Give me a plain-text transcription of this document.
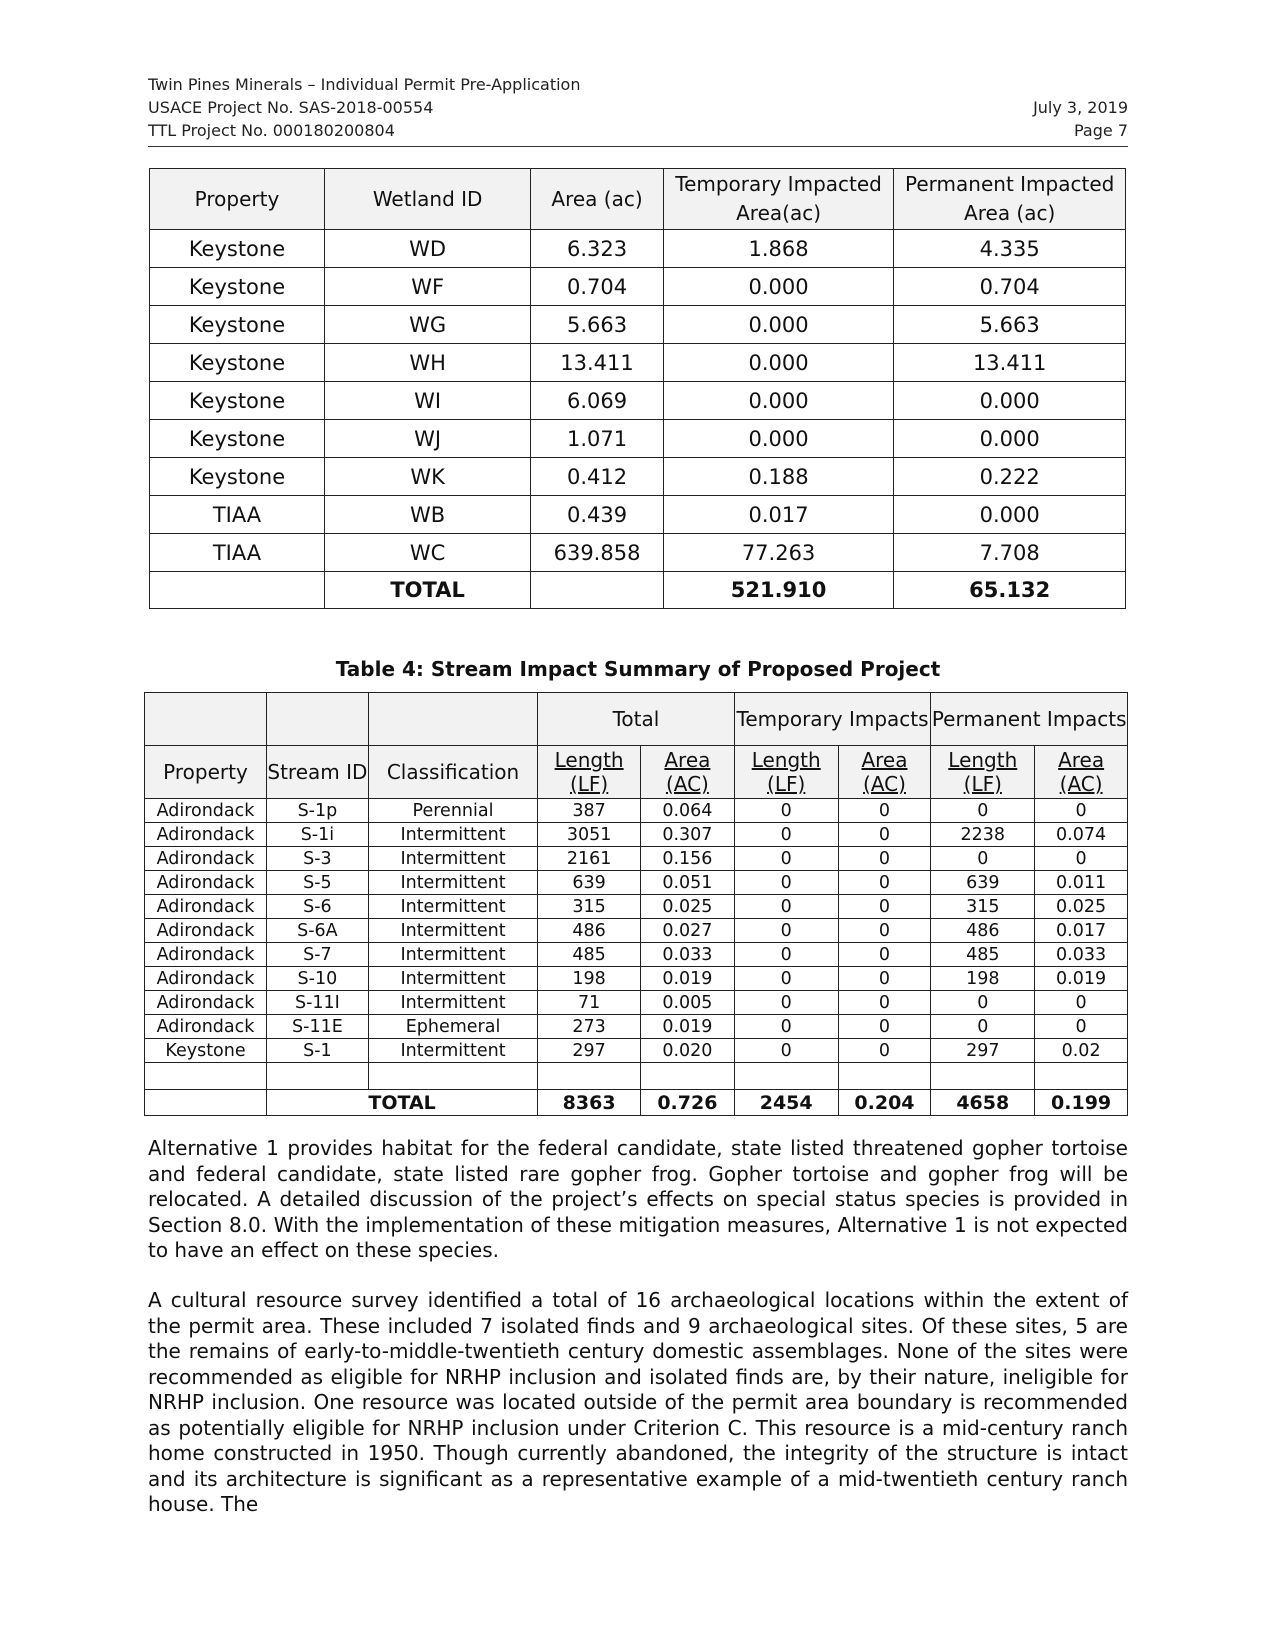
Twin Pines Minerals – Individual Permit Pre-Application
USACE Project No. SAS-2018-00554	July 3, 2019
TTL Project No. 000180200804	Page 7
Property	Wetland ID	Area (ac)	Temporary Impacted Area(ac)	Permanent Impacted Area (ac)
Keystone	WD	6.323	1.868	4.335
Keystone	WF	0.704	0.000	0.704
Keystone	WG	5.663	0.000	5.663
Keystone	WH	13.411	0.000	13.411
Keystone	WI	6.069	0.000	0.000
Keystone	WJ	1.071	0.000	0.000
Keystone	WK	0.412	0.188	0.222
TIAA	WB	0.439	0.017	0.000
TIAA	WC	639.858	77.263	7.708
	TOTAL		521.910	65.132
Table 4: Stream Impact Summary of Proposed Project
			Total		Temporary Impacts		Permanent Impacts	
Property	Stream ID	Classification	Length (LF)	Area (AC)	Length (LF)	Area (AC)	Length (LF)	Area (AC)
Adirondack	S-1p	Perennial	387	0.064	0	0	0	0
Adirondack	S-1i	Intermittent	3051	0.307	0	0	2238	0.074
Adirondack	S-3	Intermittent	2161	0.156	0	0	0	0
Adirondack	S-5	Intermittent	639	0.051	0	0	639	0.011
Adirondack	S-6	Intermittent	315	0.025	0	0	315	0.025
Adirondack	S-6A	Intermittent	486	0.027	0	0	486	0.017
Adirondack	S-7	Intermittent	485	0.033	0	0	485	0.033
Adirondack	S-10	Intermittent	198	0.019	0	0	198	0.019
Adirondack	S-11I	Intermittent	71	0.005	0	0	0	0
Adirondack	S-11E	Ephemeral	273	0.019	0	0	0	0
Keystone	S-1	Intermittent	297	0.020	0	0	297	0.02

	TOTAL		8363	0.726	2454	0.204	4658	0.199

Alternative 1 provides habitat for the federal candidate, state listed threatened gopher tortoise and federal candidate, state listed rare gopher frog. Gopher tortoise and gopher frog will be relocated. A detailed discussion of the project’s effects on special status species is provided in Section 8.0. With the implementation of these mitigation measures, Alternative 1 is not expected to have an effect on these species.

A cultural resource survey identified a total of 16 archaeological locations within the extent of the permit area. These included 7 isolated finds and 9 archaeological sites. Of these sites, 5 are the remains of early-to-middle-twentieth century domestic assemblages. None of the sites were recommended as eligible for NRHP inclusion and isolated finds are, by their nature, ineligible for NRHP inclusion. One resource was located outside of the permit area boundary is recommended as potentially eligible for NRHP inclusion under Criterion C. This resource is a mid-century ranch home constructed in 1950. Though currently abandoned, the integrity of the structure is intact and its architecture is significant as a representative example of a mid-twentieth century ranch house. The
